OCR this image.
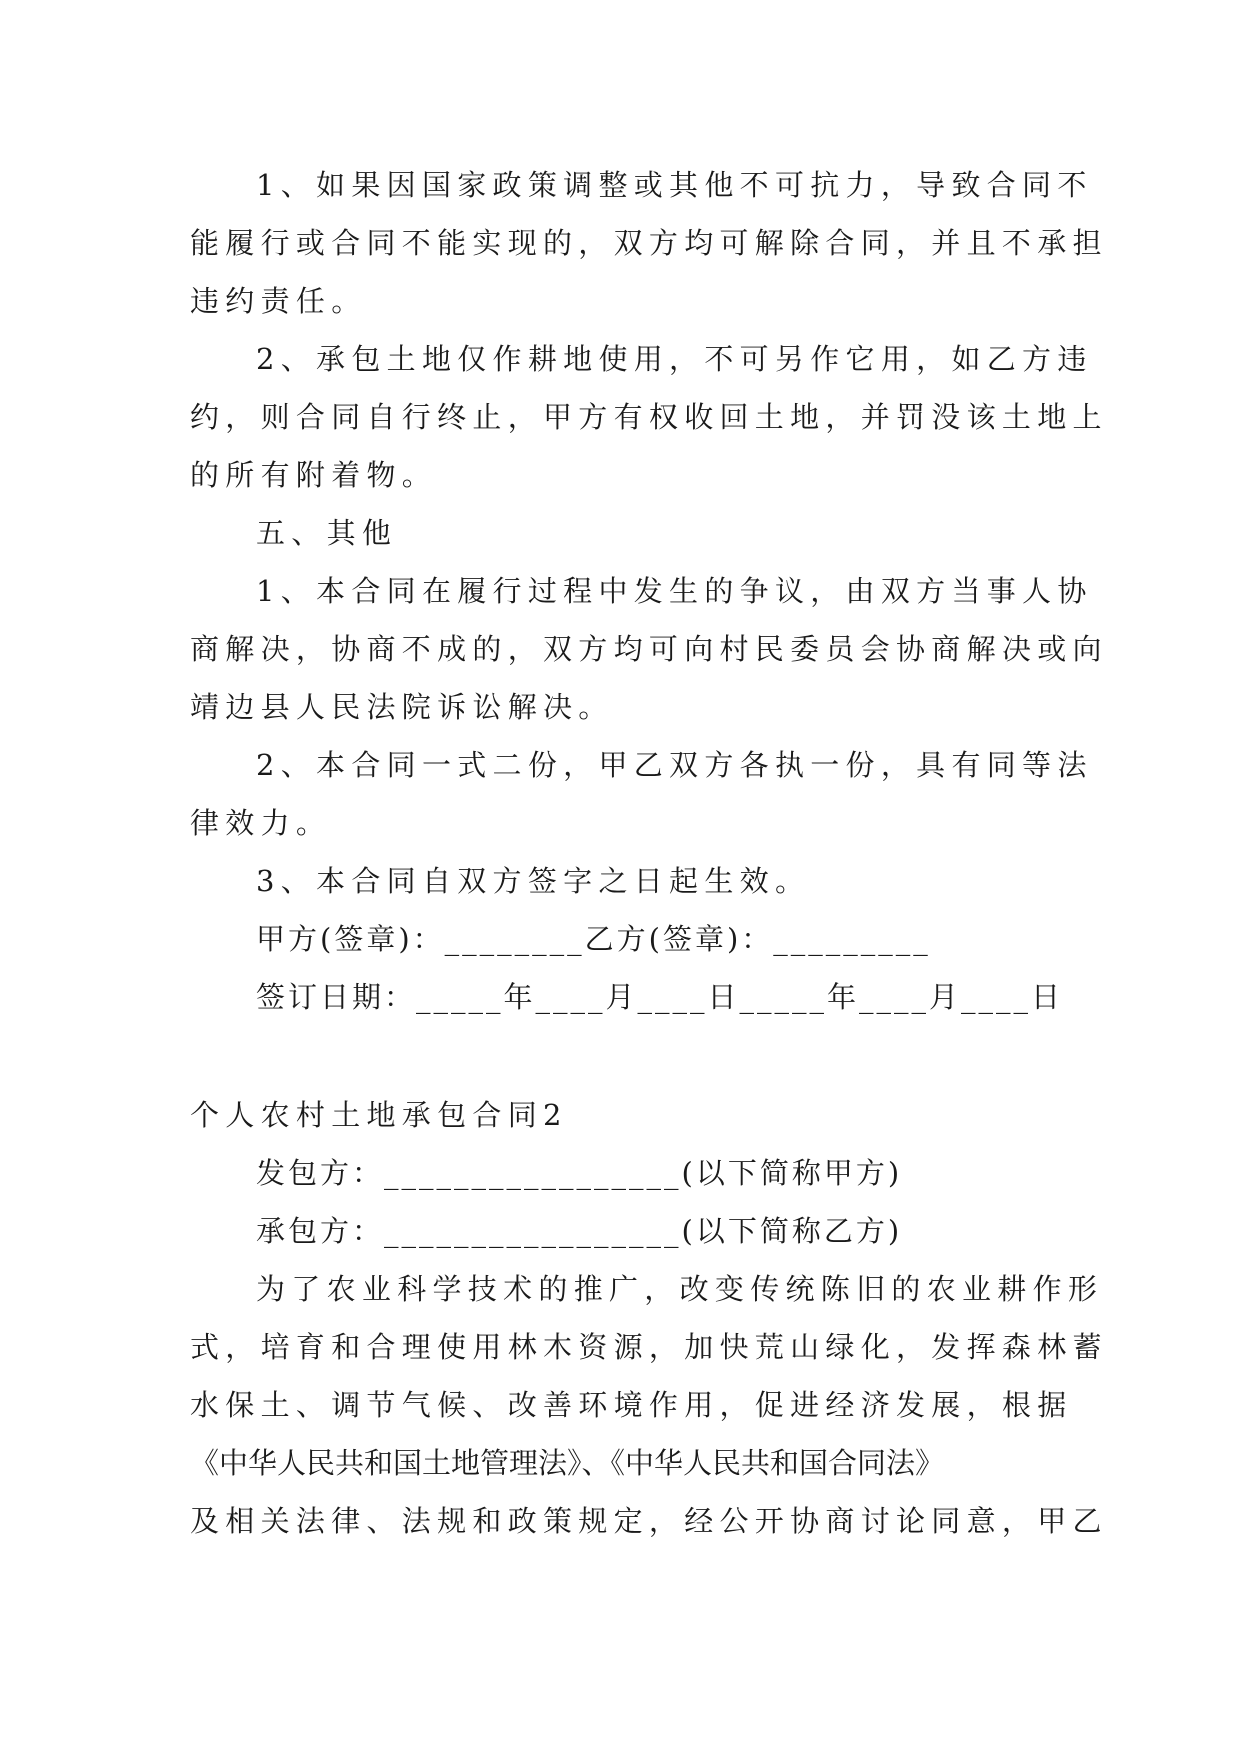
1、如果因国家政策调整或其他不可抗力，导致合同不
能履行或合同不能实现的，双方均可解除合同，并且不承担
违约责任。
2、承包土地仅作耕地使用，不可另作它用，如乙方违
约，则合同自行终止，甲方有权收回土地，并罚没该土地上
的所有附着物。
五、其他
1、本合同在履行过程中发生的争议，由双方当事人协
商解决，协商不成的，双方均可向村民委员会协商解决或向
靖边县人民法院诉讼解决。
2、本合同一式二份，甲乙双方各执一份，具有同等法
律效力。
3、本合同自双方签字之日起生效。
甲方(签章)：________乙方(签章)：_________
签订日期：_____年____月____日_____年____月____日
个人农村土地承包合同2
发包方：_________________(以下简称甲方)
承包方：_________________(以下简称乙方)
为了农业科学技术的推广，改变传统陈旧的农业耕作形
式，培育和合理使用林木资源，加快荒山绿化，发挥森林蓄
水保土、调节气候、改善环境作用，促进经济发展，根据
《中华人民共和国土地管理法》、《中华人民共和国合同法》
及相关法律、法规和政策规定，经公开协商讨论同意，甲乙
